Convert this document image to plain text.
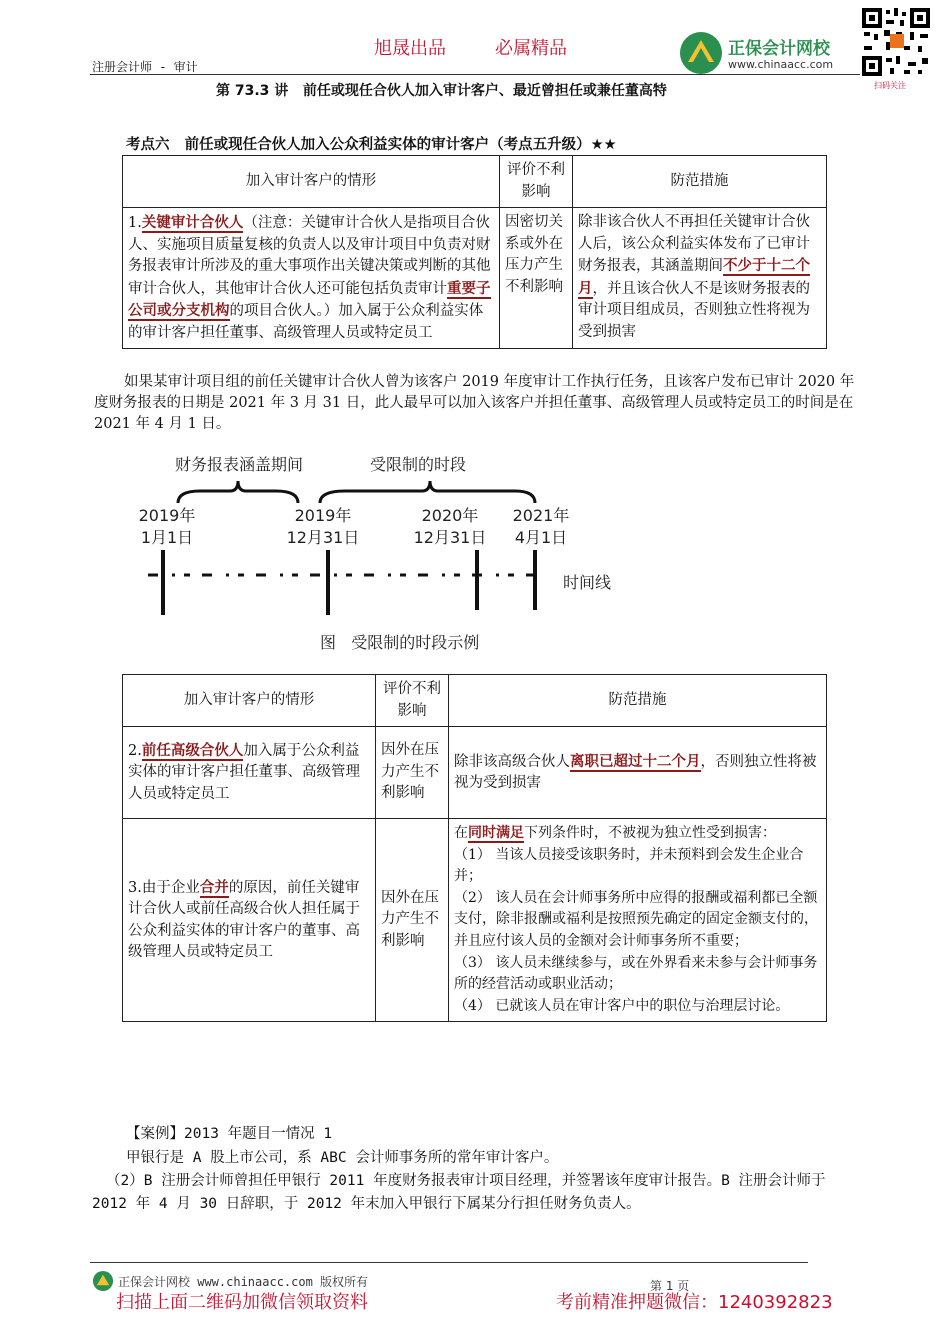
旭晟出品	必属精品
注册会计师 - 审计
正保会计网校
www.chinaacc.com
扫码关注
第 73.3 讲   前任或现任合伙人加入审计客户、最近曾担任或兼任董高特
考点六   前任或现任合伙人加入公众利益实体的审计客户（考点五升级）★★
加入审计客户的情形	评价不利影响	防范措施
1.关键审计合伙人（注意：关键审计合伙人是指项目合伙人、实施项目质量复核的负责人以及审计项目中负责对财务报表审计所涉及的重大事项作出关键决策或判断的其他审计合伙人，其他审计合伙人还可能包括负责审计重要子公司或分支机构的项目合伙人。）加入属于公众利益实体的审计客户担任董事、高级管理人员或特定员工	因密切关系或外在压力产生不利影响	除非该合伙人不再担任关键审计合伙人后，该公众利益实体发布了已审计财务报表，其涵盖期间不少于十二个月，并且该合伙人不是该财务报表的审计项目组成员，否则独立性将视为受到损害
如果某审计项目组的前任关键审计合伙人曾为该客户 2019 年度审计工作执行任务，且该客户发布已审计 2020 年度财务报表的日期是 2021 年 3 月 31 日，此人最早可以加入该客户并担任董事、高级管理人员或特定员工的时间是在 2021 年 4 月 1 日。
财务报表涵盖期间	受限制的时段
2019年
1月1日
2019年
12月31日
2020年
12月31日
2021年
4月1日
时间线
图   受限制的时段示例
加入审计客户的情形	评价不利影响	防范措施
2.前任高级合伙人加入属于公众利益实体的审计客户担任董事、高级管理人员或特定员工	因外在压力产生不利影响	除非该高级合伙人离职已超过十二个月，否则独立性将被视为受到损害
3.由于企业合并的原因，前任关键审计合伙人或前任高级合伙人担任属于公众利益实体的审计客户的董事、高级管理人员或特定员工	因外在压力产生不利影响	在同时满足下列条件时，不被视为独立性受到损害：
（1） 当该人员接受该职务时，并未预料到会发生企业合并；
（2） 该人员在会计师事务所中应得的报酬或福利都已全额支付，除非报酬或福利是按照预先确定的固定金额支付的，并且应付该人员的金额对会计师事务所不重要；
（3） 该人员未继续参与，或在外界看来未参与会计师事务所的经营活动或职业活动；
（4） 已就该人员在审计客户中的职位与治理层讨论。
【案例】2013 年题目一情况 1
甲银行是 A 股上市公司，系 ABC 会计师事务所的常年审计客户。
（2）B 注册会计师曾担任甲银行 2011 年度财务报表审计项目经理，并签署该年度审计报告。B 注册会计师于 2012 年 4 月 30 日辞职，于 2012 年末加入甲银行下属某分行担任财务负责人。
正保会计网校 www.chinaacc.com 版权所有	第 1 页
扫描上面二维码加微信领取资料	考前精准押题微信：1240392823
